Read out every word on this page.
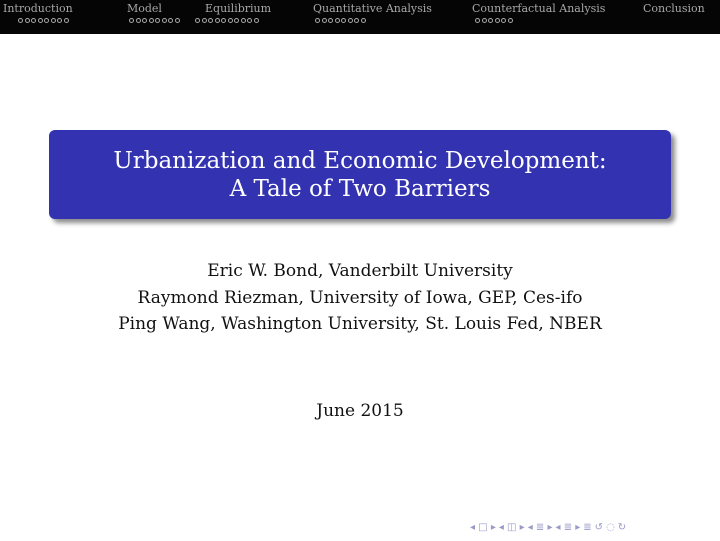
Introduction	Model	Equilibrium	Quantitative Analysis	Counterfactual Analysis	Conclusion
Urbanization and Economic Development:
A Tale of Two Barriers
Eric W. Bond, Vanderbilt University
Raymond Riezman, University of Iowa, GEP, Ces-ifo
Ping Wang, Washington University, St. Louis Fed, NBER
June 2015
◂ □ ▸ ◂ ◫ ▸ ◂ ≣ ▸ ◂ ≣ ▸ ≣ ↺ ◌ ↻
